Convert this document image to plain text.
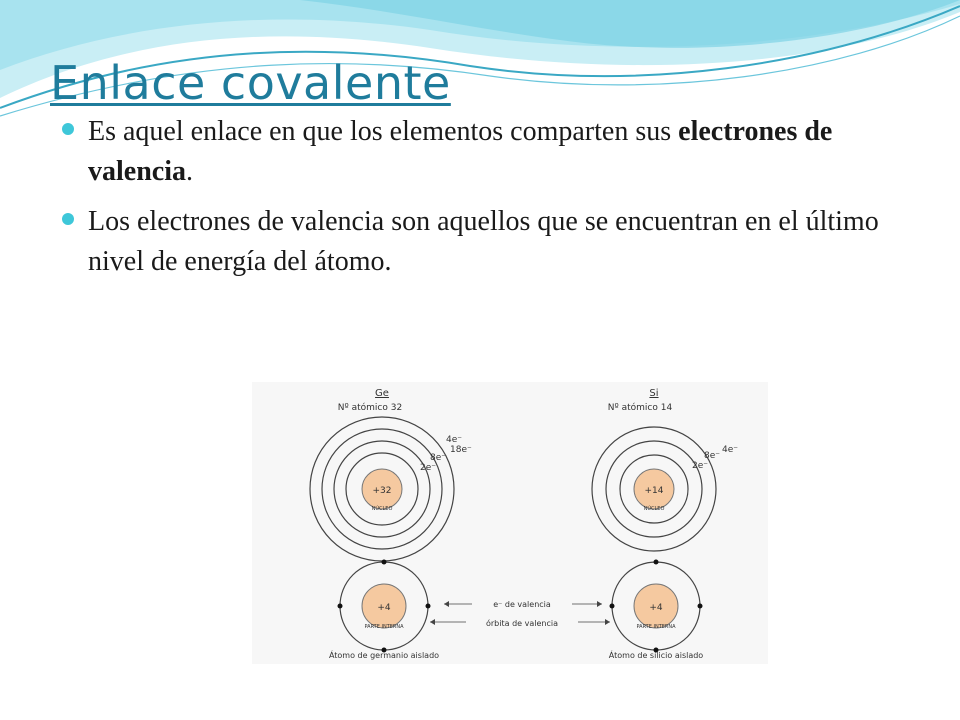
Enlace covalente
Es aquel enlace en que los elementos comparten sus electrones de valencia.
Los electrones de valencia son aquellos que se encuentran en el último nivel de energía del átomo.
Ge
Nº atómico 32
+32
NÚCLEO
2e⁻
8e⁻
18e⁻
4e⁻
Si
Nº atómico 14
+14
NÚCLEO
2e⁻
8e⁻
4e⁻
+4
PARTE INTERNA
Átomo de germanio aislado
+4
PARTE INTERNA
Átomo de silicio aislado
e⁻ de valencia
órbita de valencia
